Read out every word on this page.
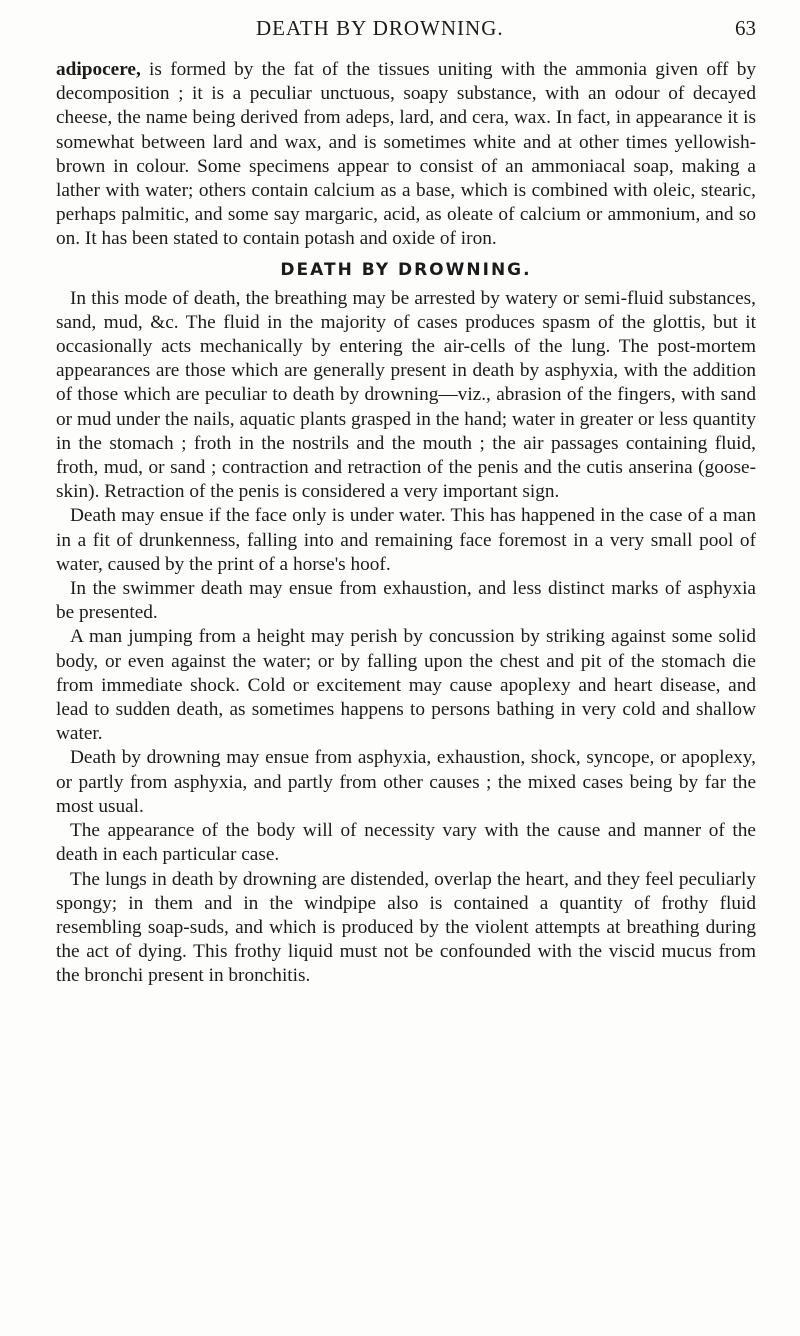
DEATH BY DROWNING.	63

adipocere, is formed by the fat of the tissues uniting with the ammonia given off by decomposition ; it is a peculiar unctuous, soapy substance, with an odour of decayed cheese, the name being derived from adeps, lard, and cera, wax. In fact, in appearance it is somewhat between lard and wax, and is sometimes white and at other times yellowish-brown in colour. Some specimens appear to consist of an ammoniacal soap, making a lather with water; others contain calcium as a base, which is combined with oleic, stearic, perhaps palmitic, and some say margaric, acid, as oleate of calcium or ammonium, and so on. It has been stated to contain potash and oxide of iron.

DEATH BY DROWNING.

In this mode of death, the breathing may be arrested by watery or semi-fluid substances, sand, mud, &c. The fluid in the majority of cases produces spasm of the glottis, but it occasionally acts mechanically by entering the air-cells of the lung. The post-mortem appearances are those which are generally present in death by asphyxia, with the addition of those which are peculiar to death by drowning—viz., abrasion of the fingers, with sand or mud under the nails, aquatic plants grasped in the hand; water in greater or less quantity in the stomach ; froth in the nostrils and the mouth ; the air passages containing fluid, froth, mud, or sand ; contraction and retraction of the penis and the cutis anserina (goose-skin). Retraction of the penis is considered a very important sign.

Death may ensue if the face only is under water. This has happened in the case of a man in a fit of drunkenness, falling into and remaining face foremost in a very small pool of water, caused by the print of a horse's hoof.

In the swimmer death may ensue from exhaustion, and less distinct marks of asphyxia be presented.

A man jumping from a height may perish by concussion by striking against some solid body, or even against the water; or by falling upon the chest and pit of the stomach die from immediate shock. Cold or excitement may cause apoplexy and heart disease, and lead to sudden death, as sometimes happens to persons bathing in very cold and shallow water.

Death by drowning may ensue from asphyxia, exhaustion, shock, syncope, or apoplexy, or partly from asphyxia, and partly from other causes ; the mixed cases being by far the most usual.

The appearance of the body will of necessity vary with the cause and manner of the death in each particular case.

The lungs in death by drowning are distended, overlap the heart, and they feel peculiarly spongy; in them and in the windpipe also is contained a quantity of frothy fluid resembling soap-suds, and which is produced by the violent attempts at breathing during the act of dying. This frothy liquid must not be confounded with the viscid mucus from the bronchi present in bronchitis.
